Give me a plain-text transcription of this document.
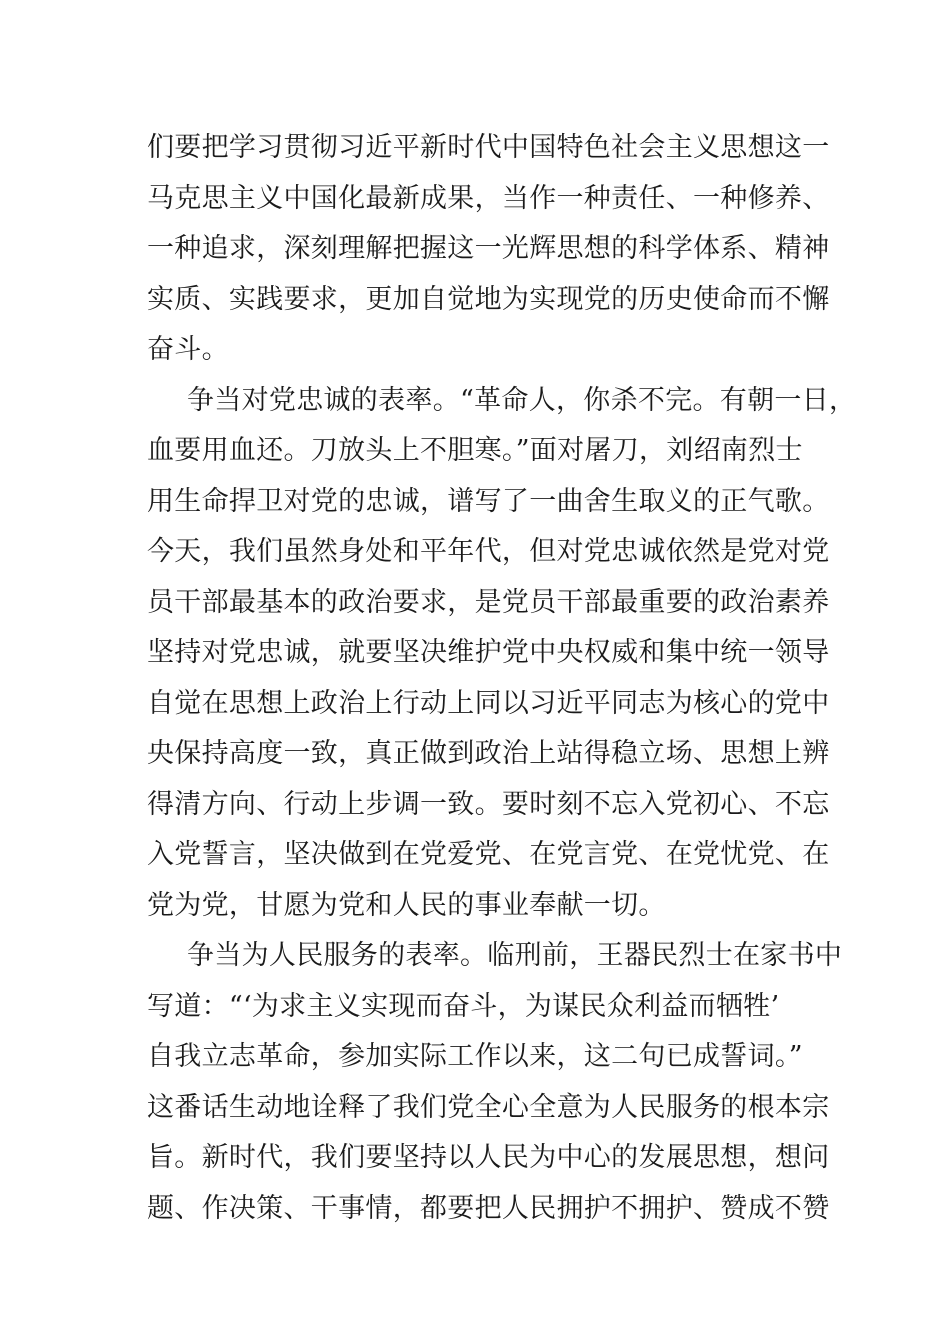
们要把学习贯彻习近平新时代中国特色社会主义思想这一
马克思主义中国化最新成果，当作一种责任、一种修养、
一种追求，深刻理解把握这一光辉思想的科学体系、精神
实质、实践要求，更加自觉地为实现党的历史使命而不懈
奋斗。
争当对党忠诚的表率。“革命人，你杀不完。有朝一日，
血要用血还。刀放头上不胆寒。”面对屠刀，刘绍南烈士
用生命捍卫对党的忠诚，谱写了一曲舍生取义的正气歌。
今天，我们虽然身处和平年代，但对党忠诚依然是党对党
员干部最基本的政治要求，是党员干部最重要的政治素养
坚持对党忠诚，就要坚决维护党中央权威和集中统一领导
自觉在思想上政治上行动上同以习近平同志为核心的党中
央保持高度一致，真正做到政治上站得稳立场、思想上辨
得清方向、行动上步调一致。要时刻不忘入党初心、不忘
入党誓言，坚决做到在党爱党、在党言党、在党忧党、在
党为党，甘愿为党和人民的事业奉献一切。
争当为人民服务的表率。临刑前，王器民烈士在家书中
写道：“‘为求主义实现而奋斗，为谋民众利益而牺牲’
自我立志革命，参加实际工作以来，这二句已成誓词。”
这番话生动地诠释了我们党全心全意为人民服务的根本宗
旨。新时代，我们要坚持以人民为中心的发展思想，想问
题、作决策、干事情，都要把人民拥护不拥护、赞成不赞
